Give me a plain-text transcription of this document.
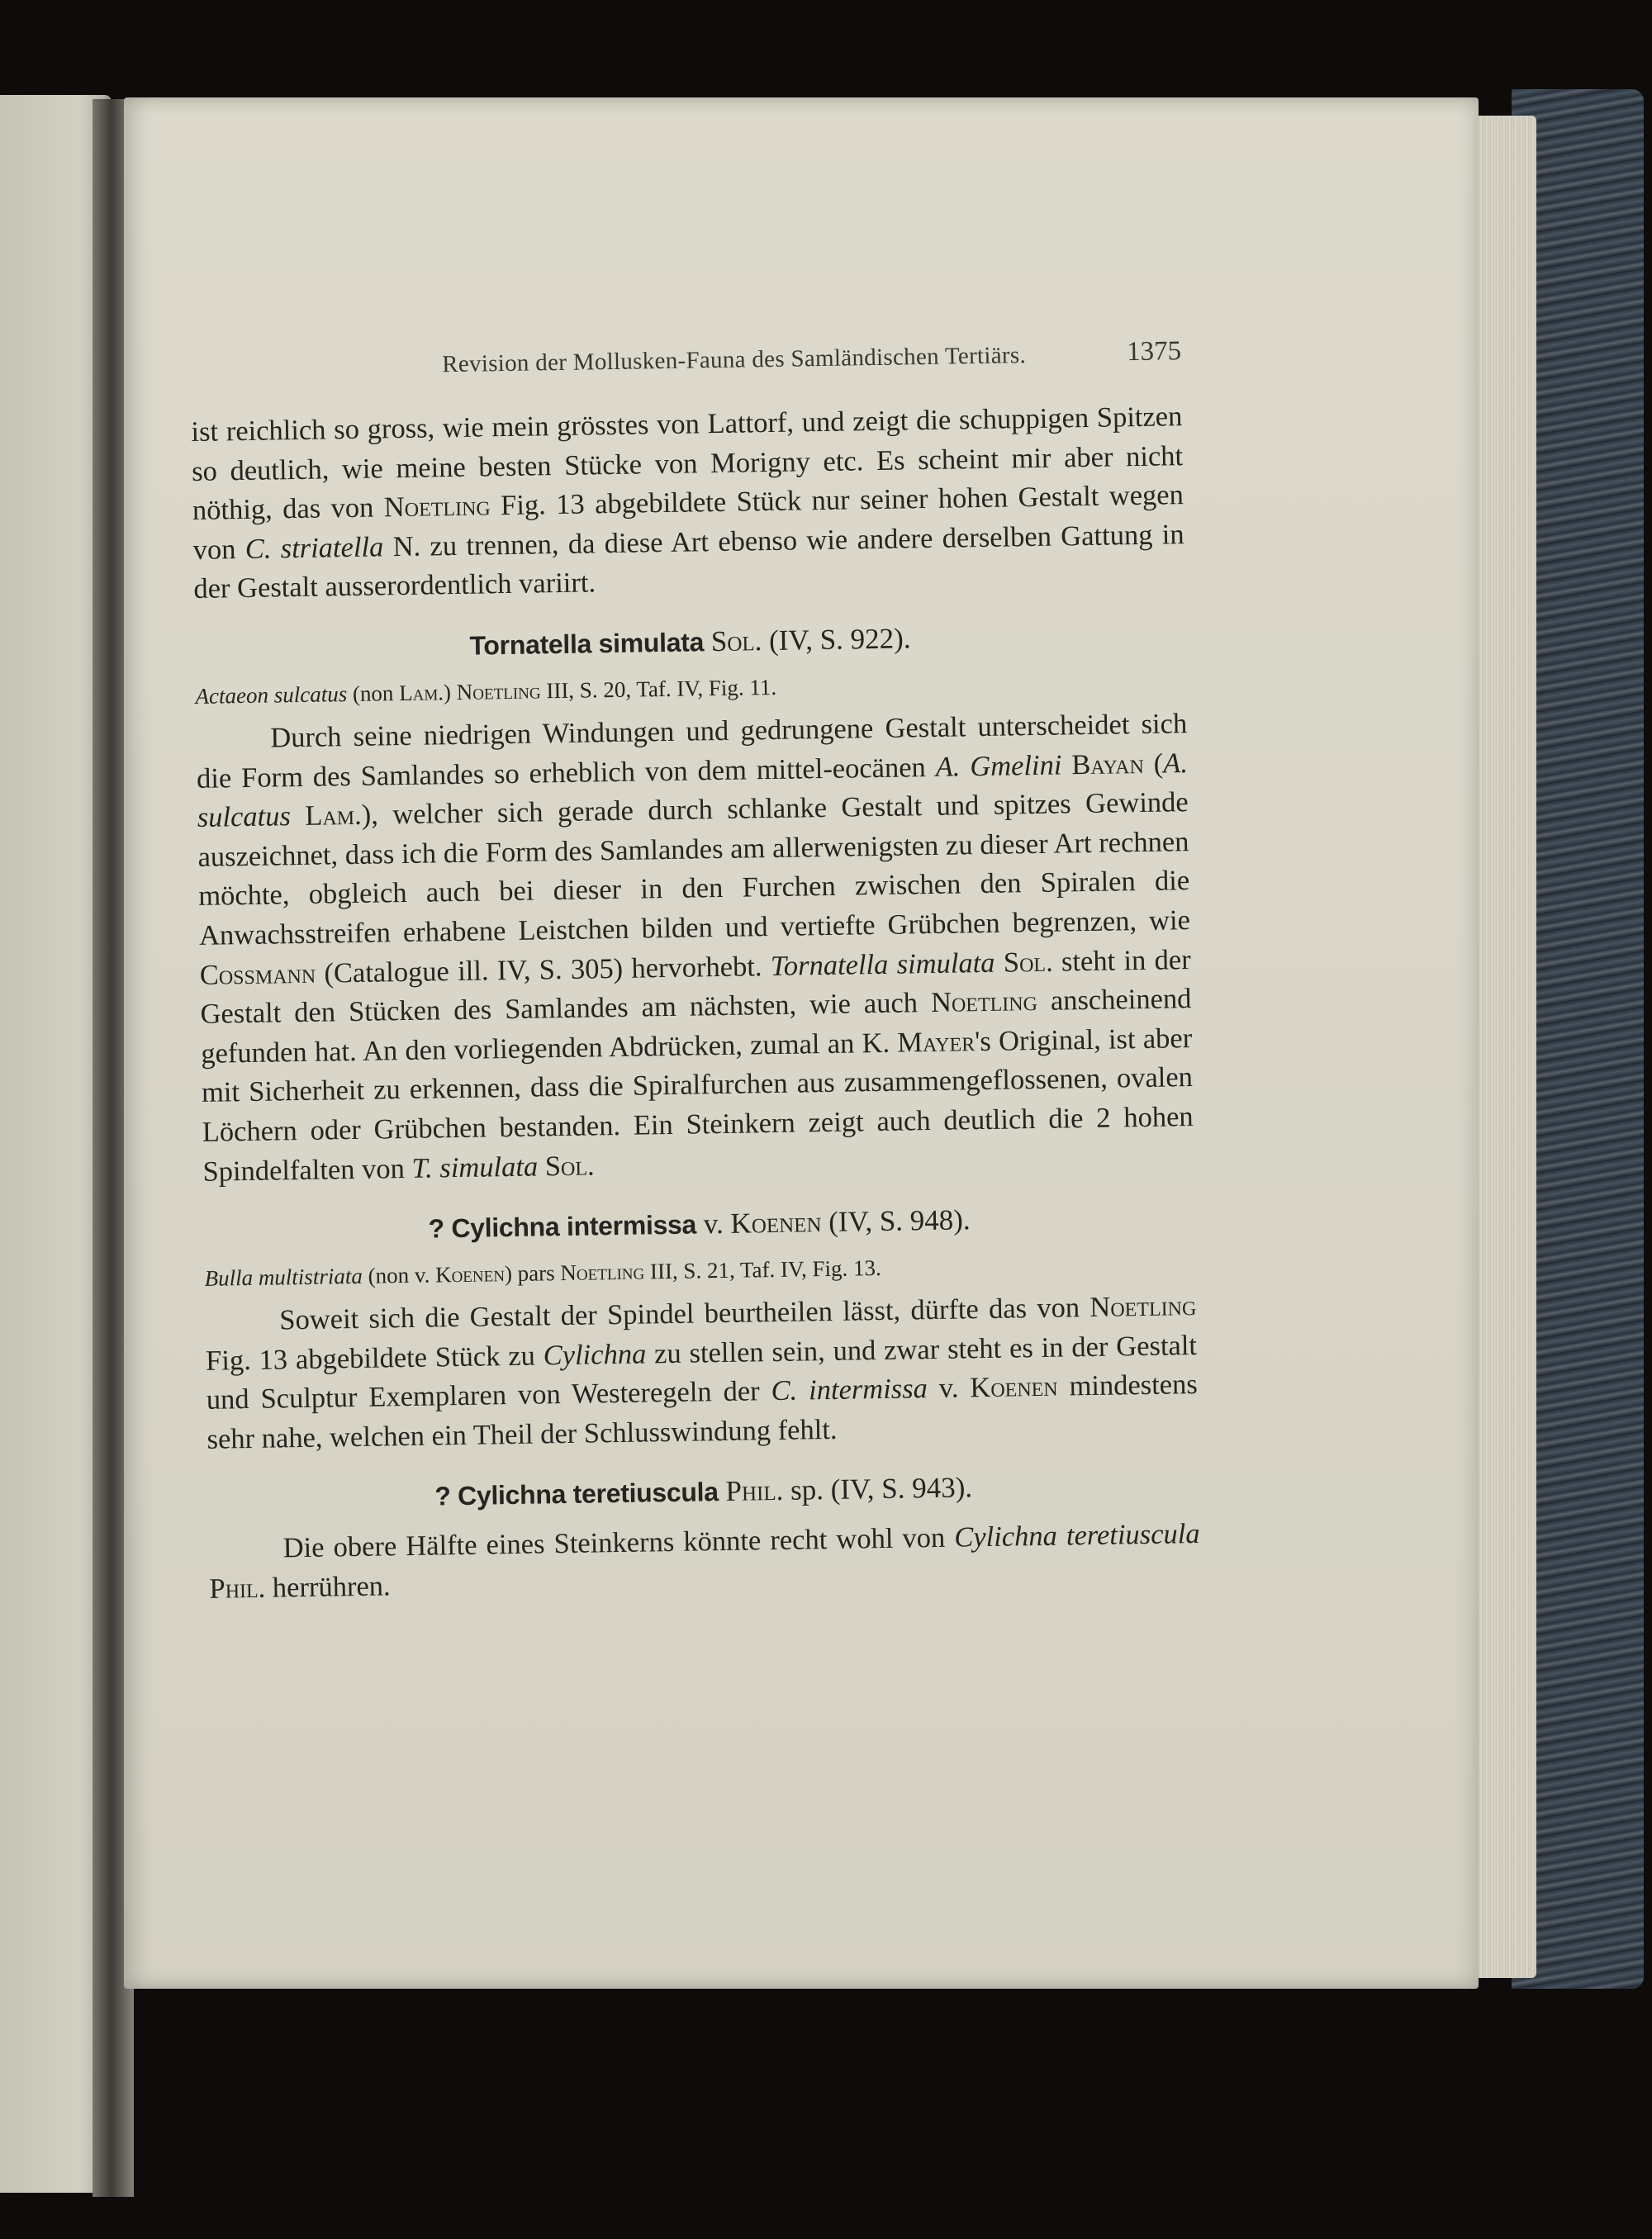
Revision der Mollusken-Fauna des Samländischen Tertiärs.	1375

ist reichlich so gross, wie mein grösstes von Lattorf, und zeigt die schuppigen Spitzen so deutlich, wie meine besten Stücke von Morigny etc. Es scheint mir aber nicht nöthig, das von Noetling Fig. 13 abgebildete Stück nur seiner hohen Gestalt wegen von C. striatella N. zu trennen, da diese Art ebenso wie andere derselben Gattung in der Gestalt ausserordentlich variirt.

Tornatella simulata Sol. (IV, S. 922).

Actaeon sulcatus (non Lam.) Noetling III, S. 20, Taf. IV, Fig. 11.

Durch seine niedrigen Windungen und gedrungene Gestalt unterscheidet sich die Form des Samlandes so erheblich von dem mittel-eocänen A. Gmelini Bayan (A. sulcatus Lam.), welcher sich gerade durch schlanke Gestalt und spitzes Gewinde auszeichnet, dass ich die Form des Samlandes am allerwenigsten zu dieser Art rechnen möchte, obgleich auch bei dieser in den Furchen zwischen den Spiralen die Anwachsstreifen erhabene Leistchen bilden und vertiefte Grübchen begrenzen, wie Cossmann (Catalogue ill. IV, S. 305) hervorhebt. Tornatella simulata Sol. steht in der Gestalt den Stücken des Samlandes am nächsten, wie auch Noetling anscheinend gefunden hat. An den vorliegenden Abdrücken, zumal an K. Mayer's Original, ist aber mit Sicherheit zu erkennen, dass die Spiralfurchen aus zusammengeflossenen, ovalen Löchern oder Grübchen bestanden. Ein Steinkern zeigt auch deutlich die 2 hohen Spindelfalten von T. simulata Sol.

? Cylichna intermissa v. Koenen (IV, S. 948).

Bulla multistriata (non v. Koenen) pars Noetling III, S. 21, Taf. IV, Fig. 13.

Soweit sich die Gestalt der Spindel beurtheilen lässt, dürfte das von Noetling Fig. 13 abgebildete Stück zu Cylichna zu stellen sein, und zwar steht es in der Gestalt und Sculptur Exemplaren von Westeregeln der C. intermissa v. Koenen mindestens sehr nahe, welchen ein Theil der Schlusswindung fehlt.

? Cylichna teretiuscula Phil. sp. (IV, S. 943).

Die obere Hälfte eines Steinkerns könnte recht wohl von Cylichna teretiuscula Phil. herrühren.
